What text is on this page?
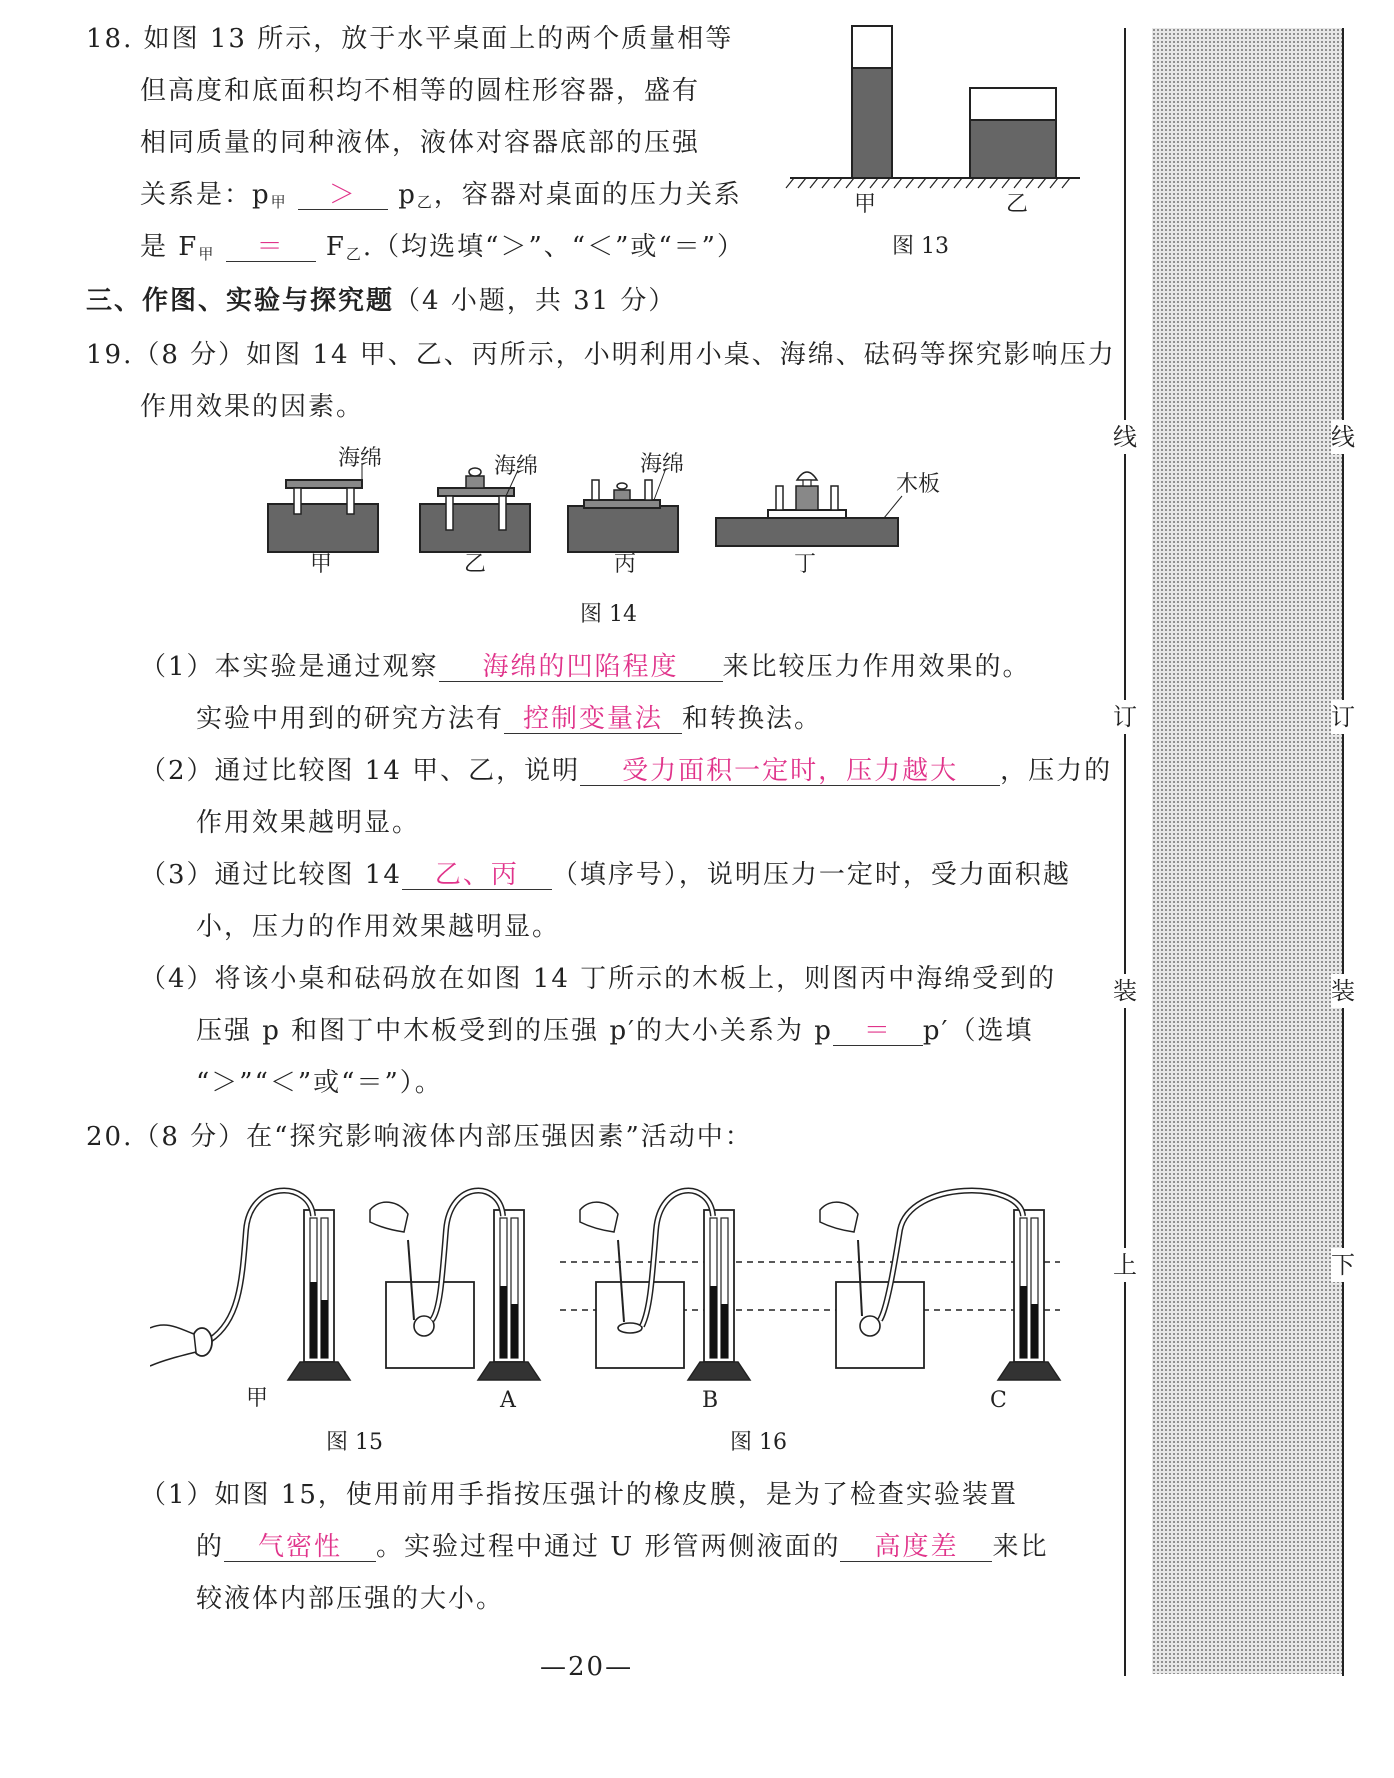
18. 如图 13 所示，放于水平桌面上的两个质量相等
但高度和底面积均不相等的圆柱形容器，盛有
相同质量的同种液体，液体对容器底部的压强
关系是：$p_甲 > p_乙$，容器对桌面的压力关系
是 $F_甲 = F_乙$.（均选填“＞”、“＜”或“＝”）
甲	乙
图 13
三、作图、实验与探究题（4 小题，共 31 分）
19.（8 分）如图 14 甲、乙、丙所示，小明利用小桌、海绵、砝码等探究影响压力
作用效果的因素。
海绵	海绵	海绵
木板
甲	乙	丙	丁
图 14
（1）本实验是通过观察 海绵的凹陷程度 来比较压力作用效果的。
实验中用到的研究方法有 控制变量法 和转换法。
（2）通过比较图 14 甲、乙，说明 受力面积一定时，压力越大 ，压力的
作用效果越明显。
（3）通过比较图 14 乙、丙 （填序号），说明压力一定时，受力面积越
小，压力的作用效果越明显。
（4）将该小桌和砝码放在如图 14 丁所示的木板上，则图丙中海绵受到的
压强 p 和图丁中木板受到的压强 p′的大小关系为 p ＝ p′（选填
“＞”“＜”或“＝”）。
20.（8 分）在“探究影响液体内部压强因素”活动中：
甲	A	B	C
图 15	图 16
（1）如图 15，使用前用手指按压强计的橡皮膜，是为了检查实验装置
的 气密性 。实验过程中通过 U 形管两侧液面的 高度差 来比
较液体内部压强的大小。
—20—
线
订
装
上
线
订
装
下
